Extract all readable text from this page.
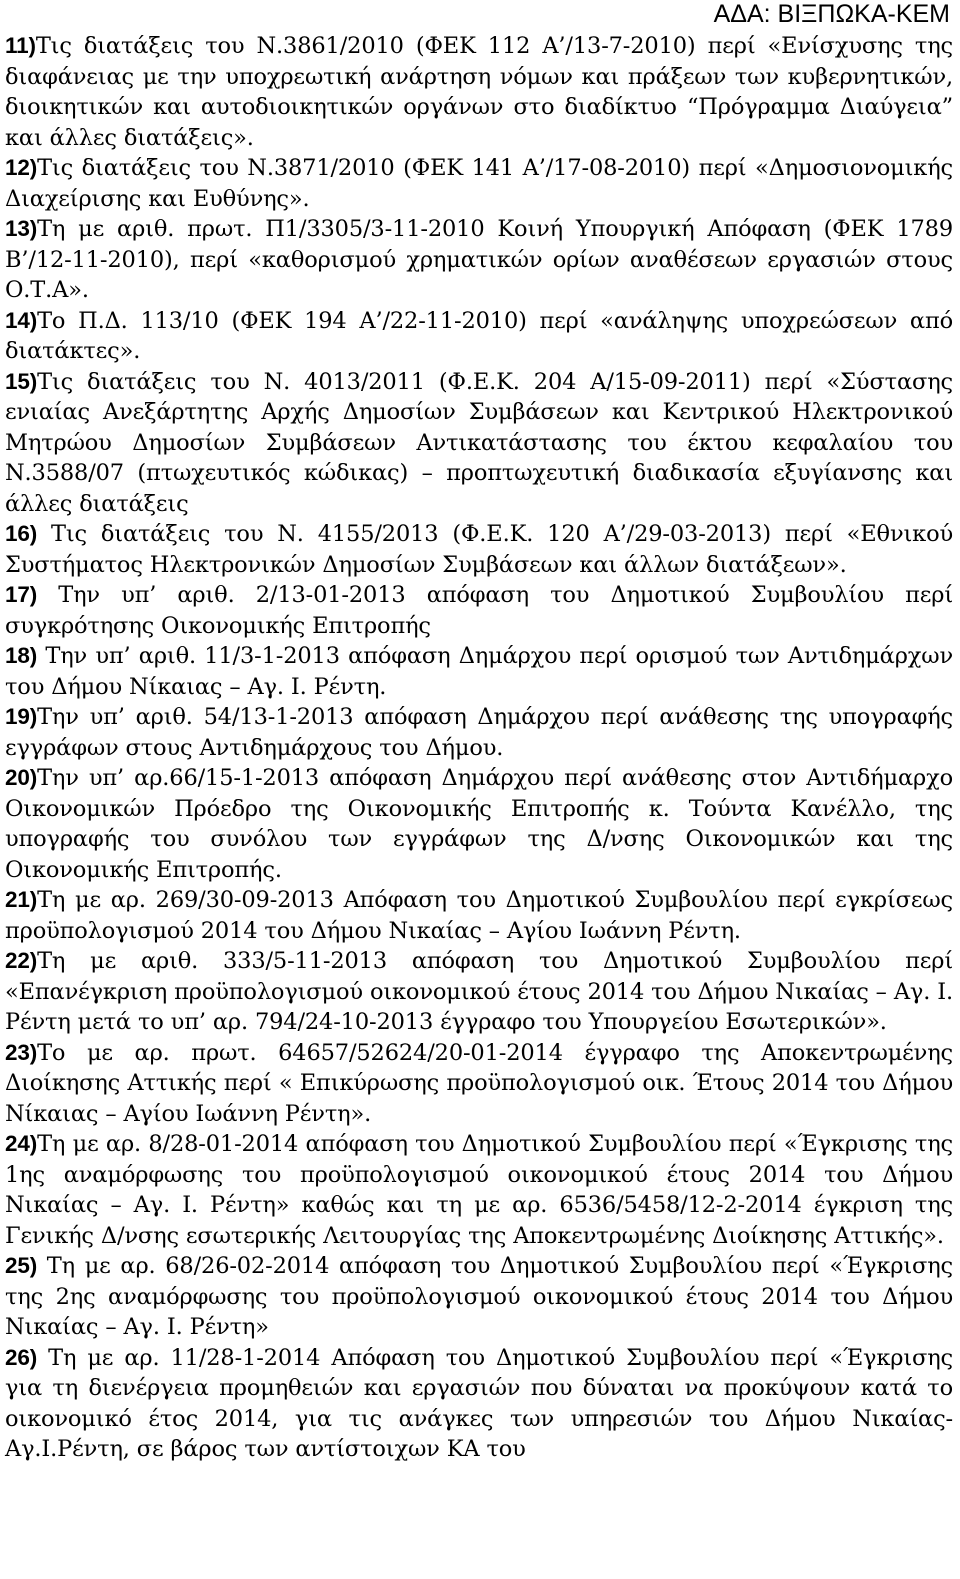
ΑΔΑ: ΒΙΞΠΩΚΑ-ΚΕΜ

11)Τις διατάξεις του Ν.3861/2010 (ΦΕΚ 112 Α’/13-7-2010) περί «Ενίσχυσης της διαφάνειας με την υποχρεωτική ανάρτηση νόμων και πράξεων των κυβερνητικών, διοικητικών και αυτοδιοικητικών οργάνων στο διαδίκτυο “Πρόγραμμα Διαύγεια” και άλλες διατάξεις».

12)Τις διατάξεις του Ν.3871/2010 (ΦΕΚ 141 Α’/17-08-2010) περί «Δημοσιονομικής Διαχείρισης και Ευθύνης».

13)Τη με αριθ. πρωτ. Π1/3305/3-11-2010 Κοινή Υπουργική Απόφαση (ΦΕΚ 1789 Β’/12-11-2010), περί «καθορισμού χρηματικών ορίων αναθέσεων εργασιών στους Ο.Τ.Α».

14)Το Π.Δ. 113/10 (ΦΕΚ 194 Α’/22-11-2010) περί «ανάληψης υποχρεώσεων από διατάκτες».

15)Τις διατάξεις του Ν. 4013/2011 (Φ.Ε.Κ. 204 Α/15-09-2011) περί «Σύστασης ενιαίας Ανεξάρτητης Αρχής Δημοσίων Συμβάσεων και Κεντρικού Ηλεκτρονικού Μητρώου Δημοσίων Συμβάσεων Αντικατάστασης του έκτου κεφαλαίου του Ν.3588/07 (πτωχευτικός κώδικας) – προπτωχευτική διαδικασία εξυγίανσης και άλλες διατάξεις

16) Τις διατάξεις του Ν. 4155/2013 (Φ.Ε.Κ. 120 Α’/29-03-2013) περί «Εθνικού Συστήματος Ηλεκτρονικών Δημοσίων Συμβάσεων και άλλων διατάξεων».

17) Την υπ’ αριθ. 2/13-01-2013 απόφαση του Δημοτικού Συμβουλίου περί συγκρότησης Οικονομικής Επιτροπής

18) Την υπ’ αριθ. 11/3-1-2013 απόφαση Δημάρχου περί ορισμού των Αντιδημάρχων του Δήμου Νίκαιας – Αγ. Ι. Ρέντη.

19)Την υπ’ αριθ. 54/13-1-2013 απόφαση Δημάρχου περί ανάθεσης της υπογραφής εγγράφων στους Αντιδημάρχους του Δήμου.

20)Την υπ’ αρ.66/15-1-2013 απόφαση Δημάρχου περί ανάθεσης στον Αντιδήμαρχο Οικονομικών Πρόεδρο της Οικονομικής Επιτροπής κ. Τούντα Κανέλλο, της υπογραφής του συνόλου των εγγράφων της Δ/νσης Οικονομικών και της Οικονομικής Επιτροπής.

21)Τη με αρ. 269/30-09-2013 Απόφαση του Δημοτικού Συμβουλίου περί εγκρίσεως προϋπολογισμού 2014 του Δήμου Νικαίας – Αγίου Ιωάννη Ρέντη.

22)Τη με αριθ. 333/5-11-2013 απόφαση του Δημοτικού Συμβουλίου περί «Επανέγκριση προϋπολογισμού οικονομικού έτους 2014 του Δήμου Νικαίας – Αγ. Ι. Ρέντη μετά το υπ’ αρ. 794/24-10-2013 έγγραφο του Υπουργείου Εσωτερικών».

23)Το με αρ. πρωτ. 64657/52624/20-01-2014 έγγραφο της Αποκεντρωμένης Διοίκησης Αττικής περί « Επικύρωσης προϋπολογισμού οικ. Έτους 2014 του Δήμου Νίκαιας – Αγίου Ιωάννη Ρέντη».

24)Τη με αρ. 8/28-01-2014 απόφαση του Δημοτικού Συμβουλίου περί «Έγκρισης της 1ης αναμόρφωσης του προϋπολογισμού οικονομικού έτους 2014 του Δήμου Νικαίας – Αγ. Ι. Ρέντη» καθώς και τη με αρ. 6536/5458/12-2-2014 έγκριση της Γενικής Δ/νσης εσωτερικής Λειτουργίας της Αποκεντρωμένης Διοίκησης Αττικής».

25) Τη με αρ. 68/26-02-2014 απόφαση του Δημοτικού Συμβουλίου περί «Έγκρισης της 2ης αναμόρφωσης του προϋπολογισμού οικονομικού έτους 2014 του Δήμου Νικαίας – Αγ. Ι. Ρέντη»

26) Τη με αρ. 11/28-1-2014 Απόφαση του Δημοτικού Συμβουλίου περί «Έγκρισης για τη διενέργεια προμηθειών και εργασιών που δύναται να προκύψουν κατά το οικονομικό έτος 2014, για τις ανάγκες των υπηρεσιών του Δήμου Νικαίας-Αγ.Ι.Ρέντη, σε βάρος των αντίστοιχων ΚΑ του
